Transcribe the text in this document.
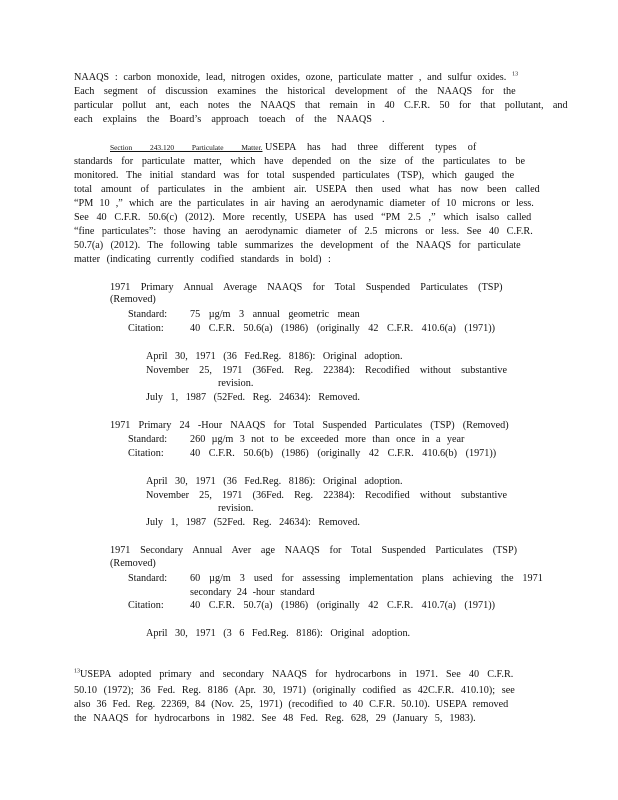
NAAQS : carbon monoxide, lead, nitrogen oxides, ozone, particulate matter , and sulfur oxides. $^{13}$
Each segment of discussion examines the historical development of the NAAQS for the
particular pollut ant, each notes the NAAQS that remain in 40 C.F.R. 50 for that pollutant, and
each explains the Board’s approach toeach of the NAAQS .
Section 243.120 Particulate Matter. USEPA has had three different types of
standards for particulate matter, which have depended on the size of the particulates to be
monitored. The initial standard was for total suspended particulates (TSP), which gauged the
total amount of particulates in the ambient air. USEPA then used what has now been called
“PM 10 ,” which are the particulates in air having an aerodynamic diameter of 10 microns or less.
See 40 C.F.R. 50.6(c) (2012). More recently, USEPA has used “PM 2.5 ,” which isalso called
“fine particulates”: those having an aerodynamic diameter of 2.5 microns or less. See 40 C.F.R.
50.7(a) (2012). The following table summarizes the development of the NAAQS for particulate
matter (indicating currently codified standards in bold) :
1971 Primary Annual Average NAAQS for Total Suspended Particulates (TSP)
(Removed)
Standard: 75 µg/m 3 annual geometric mean
Citation:	40 C.F.R. 50.6(a) (1986) (originally 42 C.F.R. 410.6(a) (1971))
April 30, 1971 (36 Fed.Reg. 8186): Original adoption.
November 25, 1971 (36Fed. Reg. 22384): Recodified without substantive
revision.
July 1, 1987 (52Fed. Reg. 24634): Removed.
1971 Primary 24 -Hour NAAQS for Total Suspended Particulates (TSP) (Removed)
Standard: 260 µg/m 3 not to be exceeded more than once in a year
Citation:	40 C.F.R. 50.6(b) (1986) (originally 42 C.F.R. 410.6(b) (1971))
April 30, 1971 (36 Fed.Reg. 8186): Original adoption.
November 25, 1971 (36Fed. Reg. 22384): Recodified without substantive
revision.
July 1, 1987 (52Fed. Reg. 24634): Removed.
1971 Secondary Annual Aver age NAAQS for Total Suspended Particulates (TSP)
(Removed)
Standard: 60 µg/m 3 used for assessing implementation plans achieving the 1971
secondary 24 -hour standard
Citation:	40 C.F.R. 50.7(a) (1986) (originally 42 C.F.R. 410.7(a) (1971))
April 30, 1971 (3 6 Fed.Reg. 8186): Original adoption.
$^{13}$USEPA adopted primary and secondary NAAQS for hydrocarbons in 1971. See 40 C.F.R.
50.10 (1972); 36 Fed. Reg. 8186 (Apr. 30, 1971) (originally codified as 42C.F.R. 410.10); see
also 36 Fed. Reg. 22369, 84 (Nov. 25, 1971) (recodified to 40 C.F.R. 50.10). USEPA removed
the NAAQS for hydrocarbons in 1982. See 48 Fed. Reg. 628, 29 (January 5, 1983).
